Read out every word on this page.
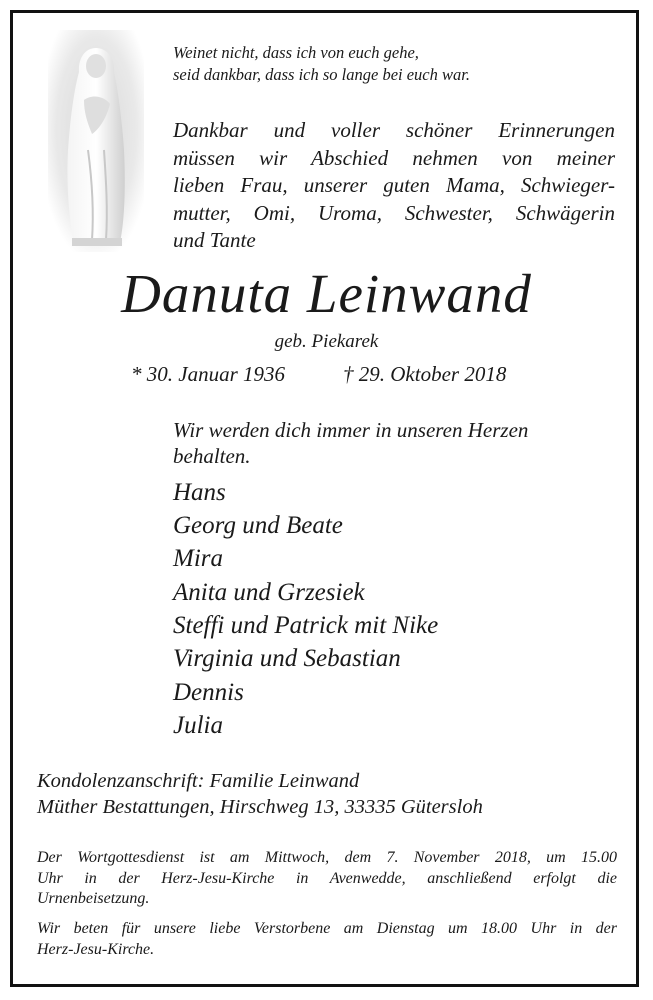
Weinet nicht, dass ich von euch gehe,
seid dankbar, dass ich so lange bei euch war.
Dankbar und voller schöner Erinnerungen
müssen wir Abschied nehmen von meiner
lieben Frau, unserer guten Mama, Schwieger-
mutter, Omi, Uroma, Schwester, Schwägerin
und Tante
Danuta Leinwand
geb. Piekarek
* 30. Januar 1936	† 29. Oktober 2018
Wir werden dich immer in unseren Herzen
behalten.
Hans
Georg und Beate
Mira
Anita und Grzesiek
Steffi und Patrick mit Nike
Virginia und Sebastian
Dennis
Julia
Kondolenzanschrift: Familie Leinwand
Müther Bestattungen, Hirschweg 13, 33335 Gütersloh
Der Wortgottesdienst ist am Mittwoch, dem 7. November 2018, um 15.00
Uhr in der Herz-Jesu-Kirche in Avenwedde, anschließend erfolgt die
Urnenbeisetzung.
Wir beten für unsere liebe Verstorbene am Dienstag um 18.00 Uhr in der
Herz-Jesu-Kirche.
